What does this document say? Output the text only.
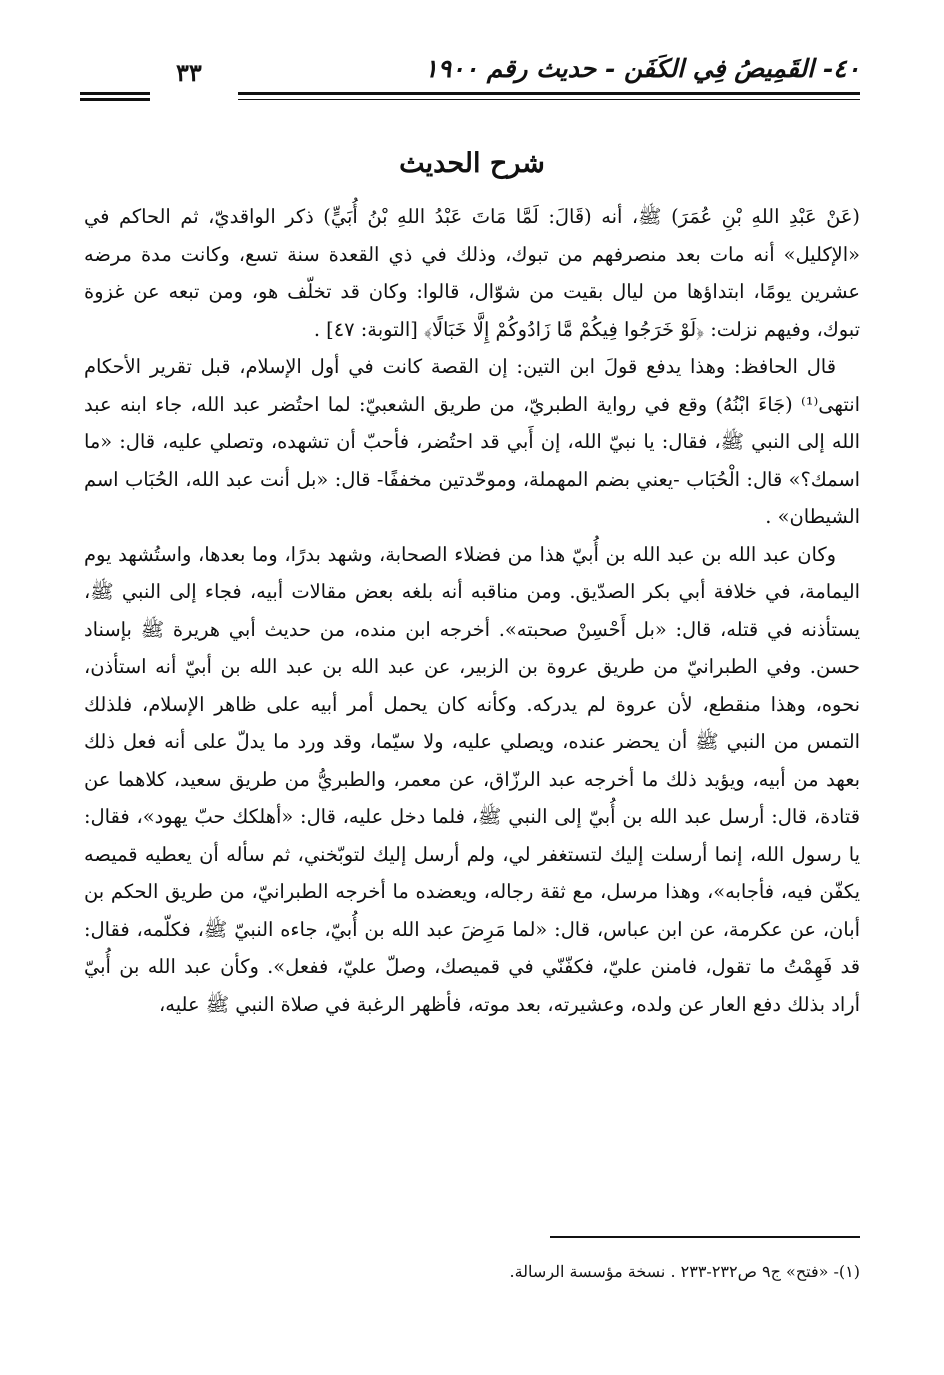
٤٠- القَمِيصُ فِي الكَفَن - حديث رقم ١٩٠٠
٣٣
شرح الحديث

(عَنْ عَبْدِ اللهِ بْنِ عُمَرَ) ﷺ، أنه (قَالَ: لَمَّا مَاتَ عَبْدُ اللهِ بْنُ أُبَيٍّ) ذكر الواقديّ، ثم الحاكم في «الإكليل» أنه مات بعد منصرفهم من تبوك، وذلك في ذي القعدة سنة تسع، وكانت مدة مرضه عشرين يومًا، ابتداؤها من ليال بقيت من شوّال، قالوا: وكان قد تخلّف هو، ومن تبعه عن غزوة تبوك، وفيهم نزلت: ﴿لَوْ خَرَجُوا فِيكُمْ مَّا زَادُوكُمْ إِلَّا خَبَالًا﴾ [التوبة: ٤٧] .

قال الحافظ: وهذا يدفع قولَ ابن التين: إن القصة كانت في أول الإسلام، قبل تقرير الأحكام انتهى⁽¹⁾ (جَاءَ ابْنُهُ) وقع في رواية الطبريّ، من طريق الشعبيّ: لما احتُضر عبد الله، جاء ابنه عبد الله إلى النبي ﷺ، فقال: يا نبيّ الله، إن أَبي قد احتُضر، فأحبّ أن تشهده، وتصلي عليه، قال: «ما اسمك؟» قال: الْحُبَاب -يعني بضم المهملة، وموحّدتين مخففًا- قال: «بل أنت عبد الله، الحُبَاب اسم الشيطان» .

وكان عبد الله بن عبد الله بن أُبيّ هذا من فضلاء الصحابة، وشهد بدرًا، وما بعدها، واستُشهد يوم اليمامة، في خلافة أبي بكر الصدّيق. ومن مناقبه أنه بلغه بعض مقالات أبيه، فجاء إلى النبي ﷺ، يستأذنه في قتله، قال: «بل أَحْسِنْ صحبته». أخرجه ابن منده، من حديث أبي هريرة ﷺ بإسناد حسن. وفي الطبرانيّ من طريق عروة بن الزبير، عن عبد الله بن عبد الله بن أبيّ أنه استأذن، نحوه، وهذا منقطع، لأن عروة لم يدركه. وكأنه كان يحمل أمر أبيه على ظاهر الإسلام، فلذلك التمس من النبي ﷺ أن يحضر عنده، ويصلي عليه، ولا سيّما، وقد ورد ما يدلّ على أنه فعل ذلك بعهد من أبيه، ويؤيد ذلك ما أخرجه عبد الرزّاق، عن معمر، والطبريُّ من طريق سعيد، كلاهما عن قتادة، قال: أرسل عبد الله بن أُبيّ إلى النبي ﷺ، فلما دخل عليه، قال: «أهلكك حبّ يهود»، فقال: يا رسول الله، إنما أرسلت إليك لتستغفر لي، ولم أرسل إليك لتوبّخني، ثم سأله أن يعطيه قميصه يكفّن فيه، فأجابه»، وهذا مرسل، مع ثقة رجاله، ويعضده ما أخرجه الطبرانيّ، من طريق الحكم بن أبان، عن عكرمة، عن ابن عباس، قال: «لما مَرِضَ عبد الله بن أُبيّ، جاءه النبيّ ﷺ، فكلّمه، فقال: قد فَهِمْتُ ما تقول، فامنن عليّ، فكفّنّي في قميصك، وصلّ عليّ، ففعل». وكأن عبد الله بن أُبيّ أراد بذلك دفع العار عن ولده، وعشيرته، بعد موته، فأظهر الرغبة في صلاة النبي ﷺ عليه،

(١)- «فتح» ج٩ ص٢٣٢-٢٣٣ . نسخة مؤسسة الرسالة.
